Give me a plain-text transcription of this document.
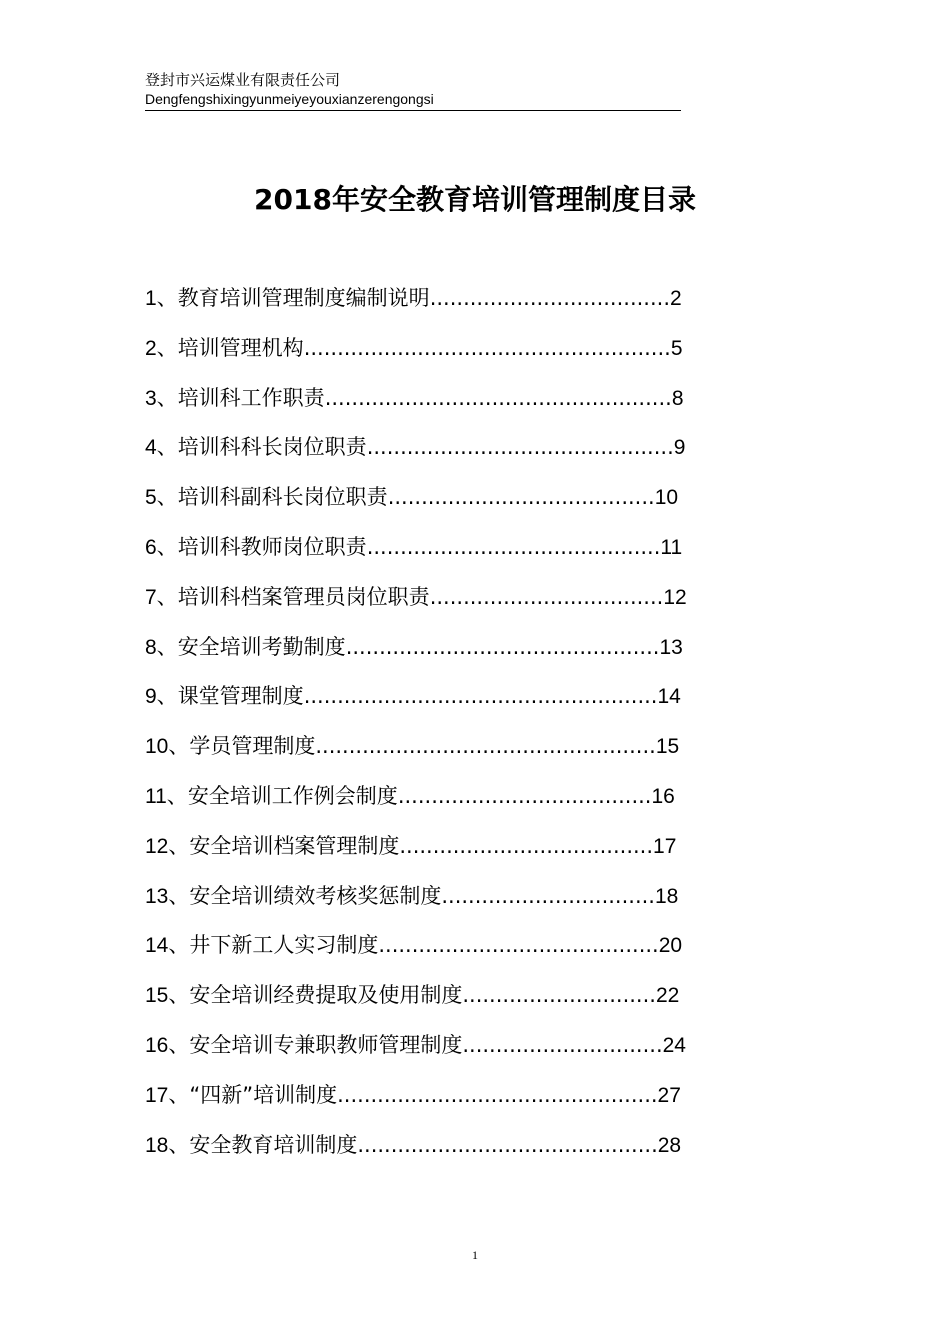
登封市兴运煤业有限责任公司
Dengfengshixingyunmeiyeyouxianzerengongsi
2018年安全教育培训管理制度目录
1、教育培训管理制度编制说明....................................2
2、培训管理机构.......................................................5
3、培训科工作职责....................................................8
4、培训科科长岗位职责..............................................9
5、培训科副科长岗位职责........................................10
6、培训科教师岗位职责............................................11
7、培训科档案管理员岗位职责...................................12
8、安全培训考勤制度...............................................13
9、课堂管理制度.....................................................14
10、学员管理制度...................................................15
11、安全培训工作例会制度......................................16
12、安全培训档案管理制度......................................17
13、安全培训绩效考核奖惩制度................................18
14、井下新工人实习制度..........................................20
15、安全培训经费提取及使用制度.............................22
16、安全培训专兼职教师管理制度..............................24
17、“四新”培训制度................................................27
18、安全教育培训制度.............................................28
1
